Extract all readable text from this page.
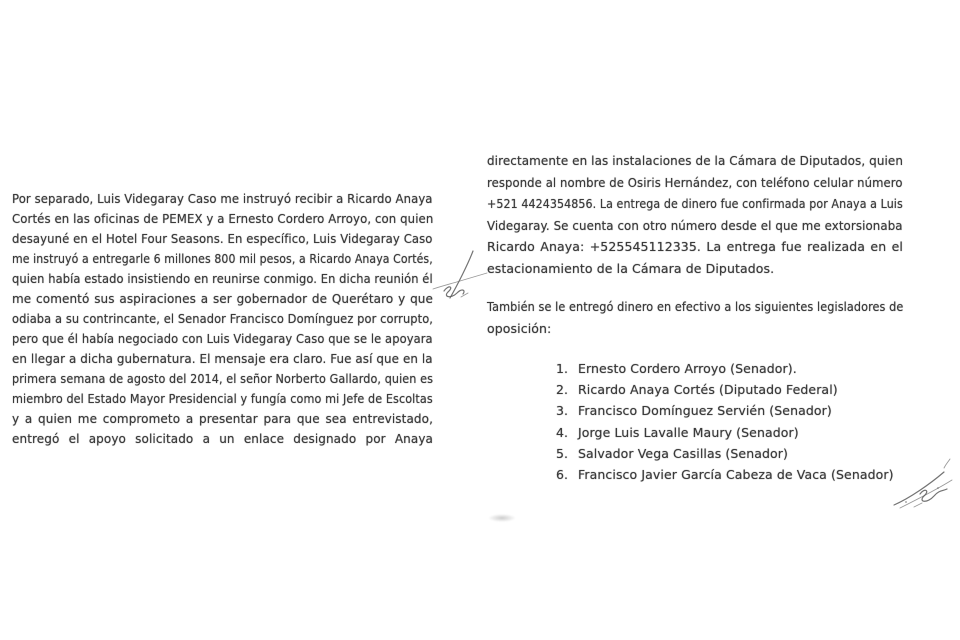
Por separado, Luis Videgaray Caso me instruyó recibir a Ricardo Anaya
Cortés en las oficinas de PEMEX y a Ernesto Cordero Arroyo, con quien
desayuné en el Hotel Four Seasons. En específico, Luis Videgaray Caso
me instruyó a entregarle 6 millones 800 mil pesos, a Ricardo Anaya Cortés,
quien había estado insistiendo en reunirse conmigo. En dicha reunión él
me comentó sus aspiraciones a ser gobernador de Querétaro y que
odiaba a su contrincante, el Senador Francisco Domínguez por corrupto,
pero que él había negociado con Luis Videgaray Caso que se le apoyara
en llegar a dicha gubernatura. El mensaje era claro. Fue así que en la
primera semana de agosto del 2014, el señor Norberto Gallardo, quien es
miembro del Estado Mayor Presidencial y fungía como mi Jefe de Escoltas
y a quien me comprometo a presentar para que sea entrevistado,
entregó el apoyo solicitado a un enlace designado por Anaya
directamente en las instalaciones de la Cámara de Diputados, quien
responde al nombre de Osiris Hernández, con teléfono celular número
+521 4424354856. La entrega de dinero fue confirmada por Anaya a Luis
Videgaray. Se cuenta con otro número desde el que me extorsionaba
Ricardo Anaya: +525545112335. La entrega fue realizada en el
estacionamiento de la Cámara de Diputados.
También se le entregó dinero en efectivo a los siguientes legisladores de
oposición:
1. Ernesto Cordero Arroyo (Senador).
2. Ricardo Anaya Cortés (Diputado Federal)
3. Francisco Domínguez Servién (Senador)
4. Jorge Luis Lavalle Maury (Senador)
5. Salvador Vega Casillas (Senador)
6. Francisco Javier García Cabeza de Vaca (Senador)
